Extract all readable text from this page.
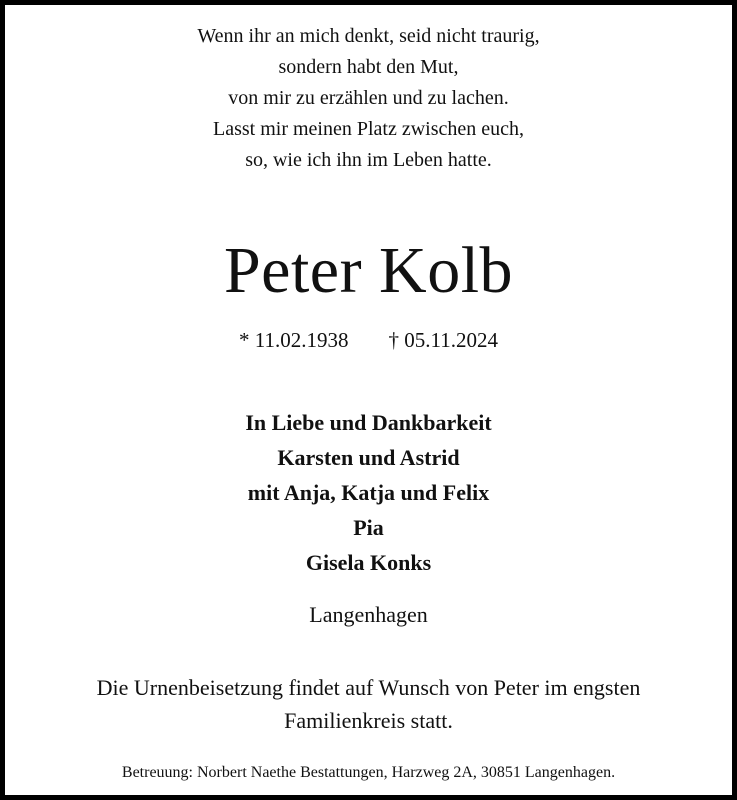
Wenn ihr an mich denkt, seid nicht traurig,
sondern habt den Mut,
von mir zu erzählen und zu lachen.
Lasst mir meinen Platz zwischen euch,
so, wie ich ihn im Leben hatte.
Peter Kolb
* 11.02.1938 † 05.11.2024
In Liebe und Dankbarkeit
Karsten und Astrid
mit Anja, Katja und Felix
Pia
Gisela Konks
Langenhagen
Die Urnenbeisetzung findet auf Wunsch von Peter im engsten
Familienkreis statt.
Betreuung: Norbert Naethe Bestattungen, Harzweg 2A, 30851 Langenhagen.
